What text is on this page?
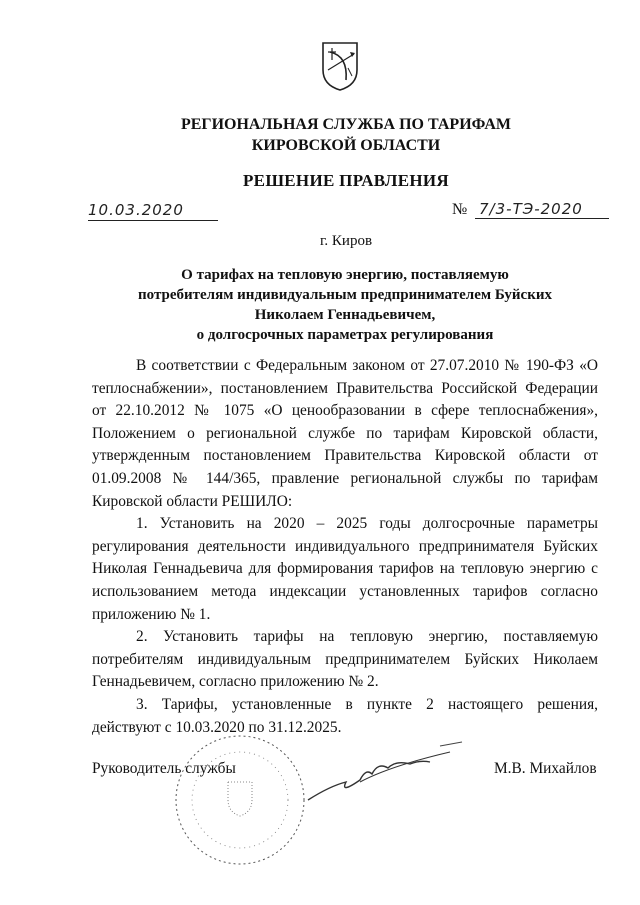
РЕГИОНАЛЬНАЯ СЛУЖБА ПО ТАРИФАМ
КИРОВСКОЙ ОБЛАСТИ
РЕШЕНИЕ ПРАВЛЕНИЯ
10.03.2020	№ 7/3-ТЭ-2020
г. Киров
О тарифах на тепловую энергию, поставляемую
потребителям индивидуальным предпринимателем Буйских
Николаем Геннадьевичем,
о долгосрочных параметрах регулирования

В соответствии с Федеральным законом от 27.07.2010 № 190-ФЗ «О теплоснабжении», постановлением Правительства Российской Федерации от 22.10.2012 № 1075 «О ценообразовании в сфере теплоснабжения», Положением о региональной службе по тарифам Кировской области, утвержденным постановлением Правительства Кировской области от 01.09.2008 № 144/365, правление региональной службы по тарифам Кировской области РЕШИЛО:

1. Установить на 2020 – 2025 годы долгосрочные параметры регулирования деятельности индивидуального предпринимателя Буйских Николая Геннадьевича для формирования тарифов на тепловую энергию с использованием метода индексации установленных тарифов согласно приложению № 1.

2. Установить тарифы на тепловую энергию, поставляемую потребителям индивидуальным предпринимателем Буйских Николаем Геннадьевичем, согласно приложению № 2.

3. Тарифы, установленные в пункте 2 настоящего решения, действуют с 10.03.2020 по 31.12.2025.

Руководитель службы	М.В. Михайлов
